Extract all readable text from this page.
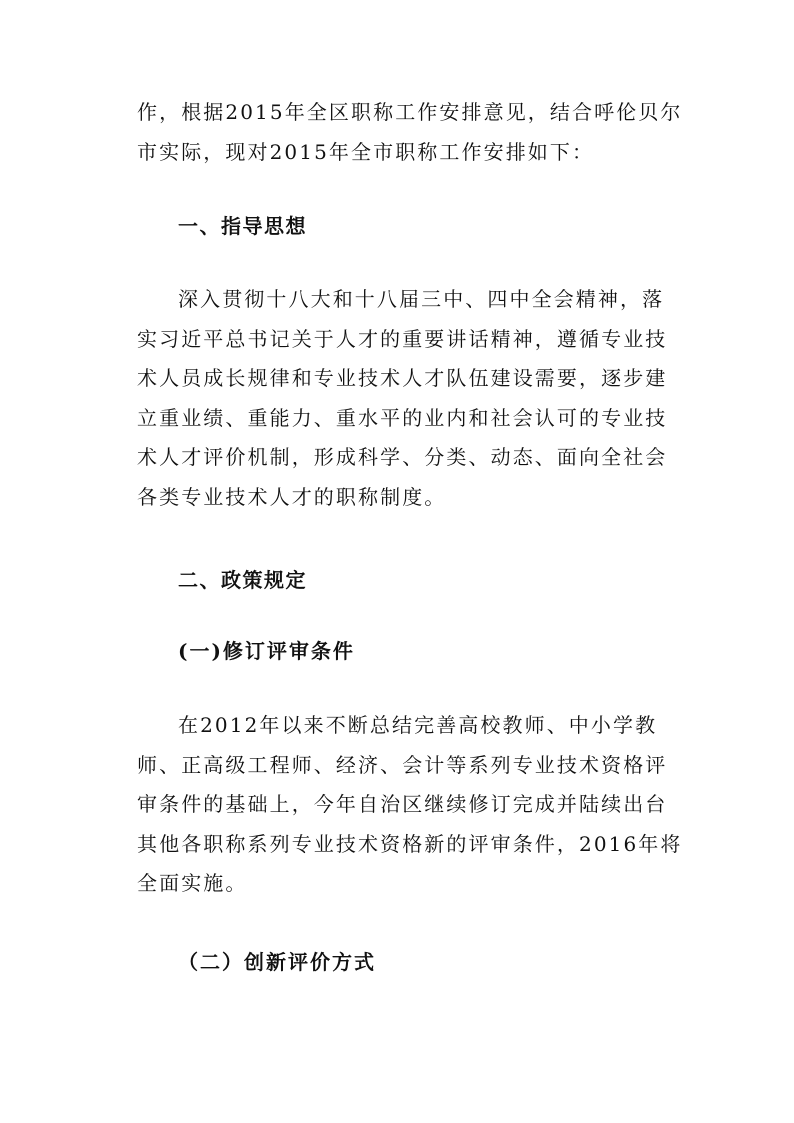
作，根据2015年全区职称工作安排意见，结合呼伦贝尔
市实际，现对2015年全市职称工作安排如下：
一、指导思想
深入贯彻十八大和十八届三中、四中全会精神，落
实习近平总书记关于人才的重要讲话精神，遵循专业技
术人员成长规律和专业技术人才队伍建设需要，逐步建
立重业绩、重能力、重水平的业内和社会认可的专业技
术人才评价机制，形成科学、分类、动态、面向全社会
各类专业技术人才的职称制度。
二、政策规定
(一)修订评审条件
在2012年以来不断总结完善高校教师、中小学教
师、正高级工程师、经济、会计等系列专业技术资格评
审条件的基础上，今年自治区继续修订完成并陆续出台
其他各职称系列专业技术资格新的评审条件，2016年将
全面实施。
（二）创新评价方式
